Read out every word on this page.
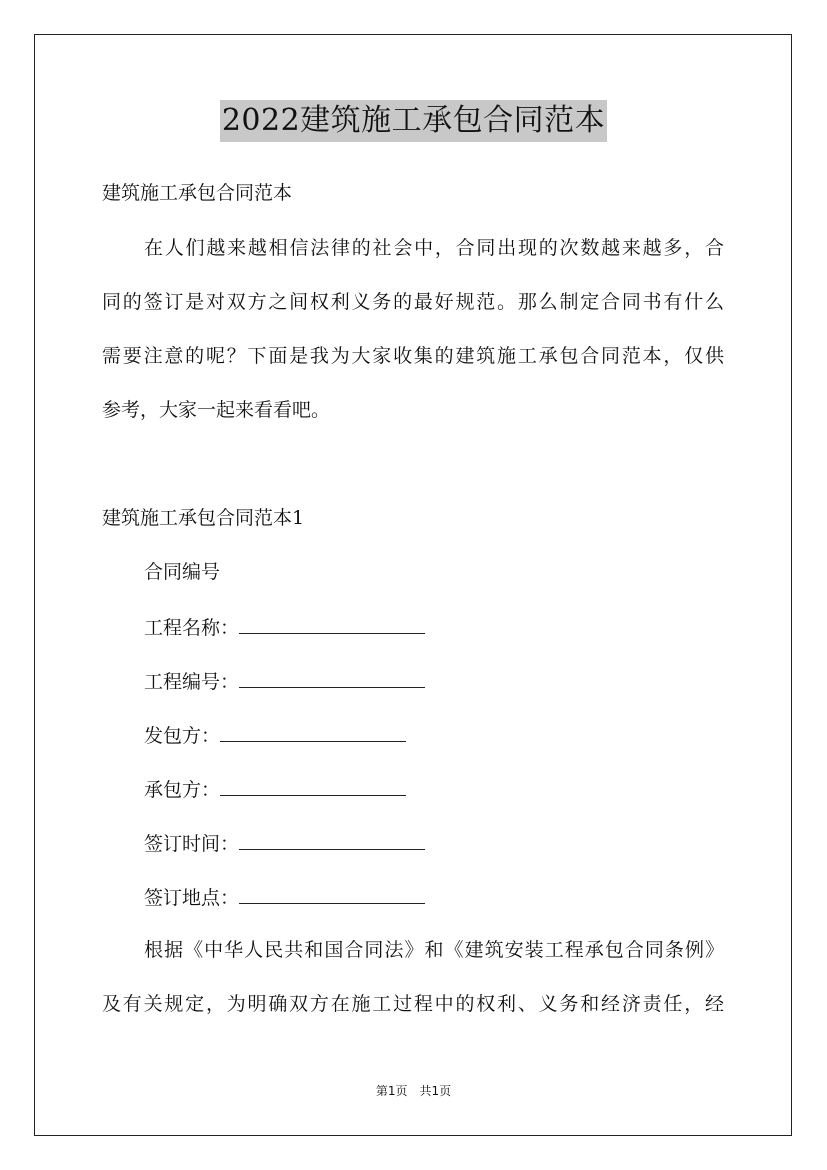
2022建筑施工承包合同范本
建筑施工承包合同范本
在人们越来越相信法律的社会中，合同出现的次数越来越多，合
同的签订是对双方之间权利义务的最好规范。那么制定合同书有什么
需要注意的呢？下面是我为大家收集的建筑施工承包合同范本，仅供
参考，大家一起来看看吧。
建筑施工承包合同范本1
合同编号
工程名称：
工程编号：
发包方：
承包方：
签订时间：
签订地点：
根据《中华人民共和国合同法》和《建筑安装工程承包合同条例》
及有关规定，为明确双方在施工过程中的权利、义务和经济责任，经
第1页　共1页
